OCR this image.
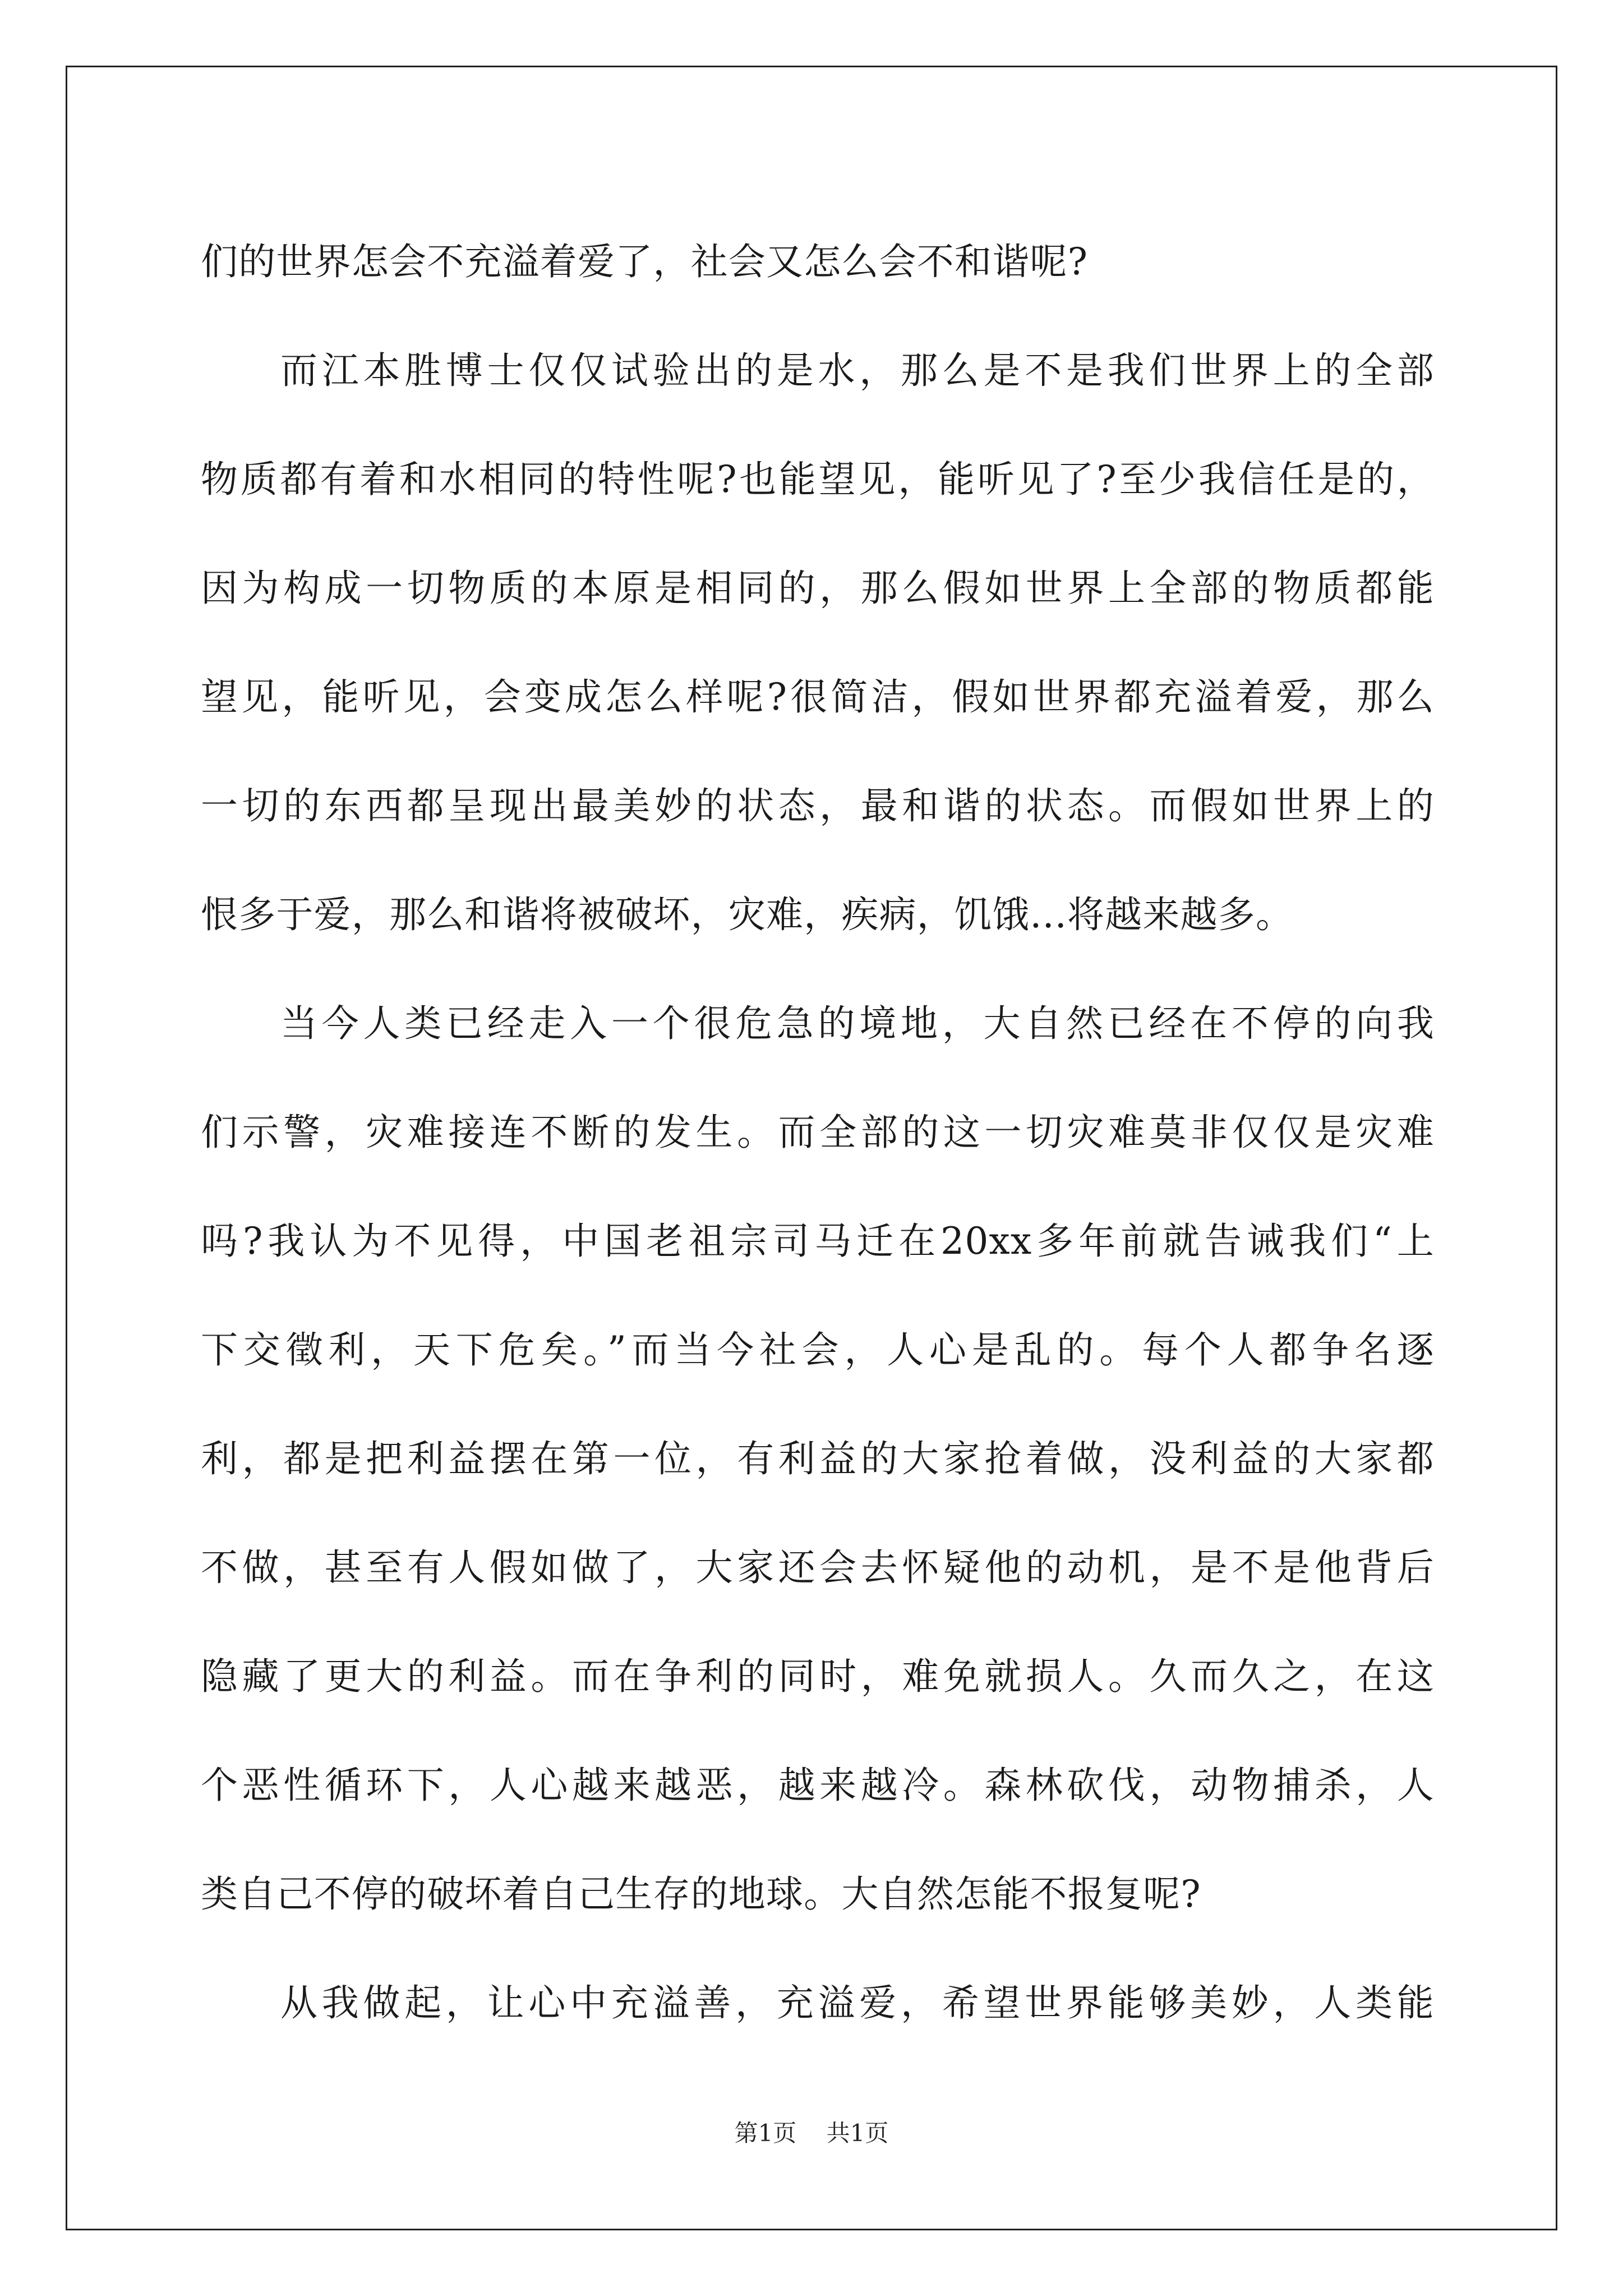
们的世界怎会不充溢着爱了，社会又怎么会不和谐呢?
而江本胜博士仅仅试验出的是水，那么是不是我们世界上的全部
物质都有着和水相同的特性呢?也能望见，能听见了?至少我信任是的，
因为构成一切物质的本原是相同的，那么假如世界上全部的物质都能
望见，能听见，会变成怎么样呢?很简洁，假如世界都充溢着爱，那么
一切的东西都呈现出最美妙的状态，最和谐的状态。而假如世界上的
恨多于爱，那么和谐将被破坏，灾难，疾病，饥饿...将越来越多。
当今人类已经走入一个很危急的境地，大自然已经在不停的向我
们示警，灾难接连不断的发生。而全部的这一切灾难莫非仅仅是灾难
吗?我认为不见得，中国老祖宗司马迁在20xx多年前就告诫我们“上
下交徵利，天下危矣。”而当今社会，人心是乱的。每个人都争名逐
利，都是把利益摆在第一位，有利益的大家抢着做，没利益的大家都
不做，甚至有人假如做了，大家还会去怀疑他的动机，是不是他背后
隐藏了更大的利益。而在争利的同时，难免就损人。久而久之，在这
个恶性循环下，人心越来越恶，越来越冷。森林砍伐，动物捕杀，人
类自己不停的破坏着自己生存的地球。大自然怎能不报复呢?
从我做起，让心中充溢善，充溢爱，希望世界能够美妙，人类能
第1页 共1页
